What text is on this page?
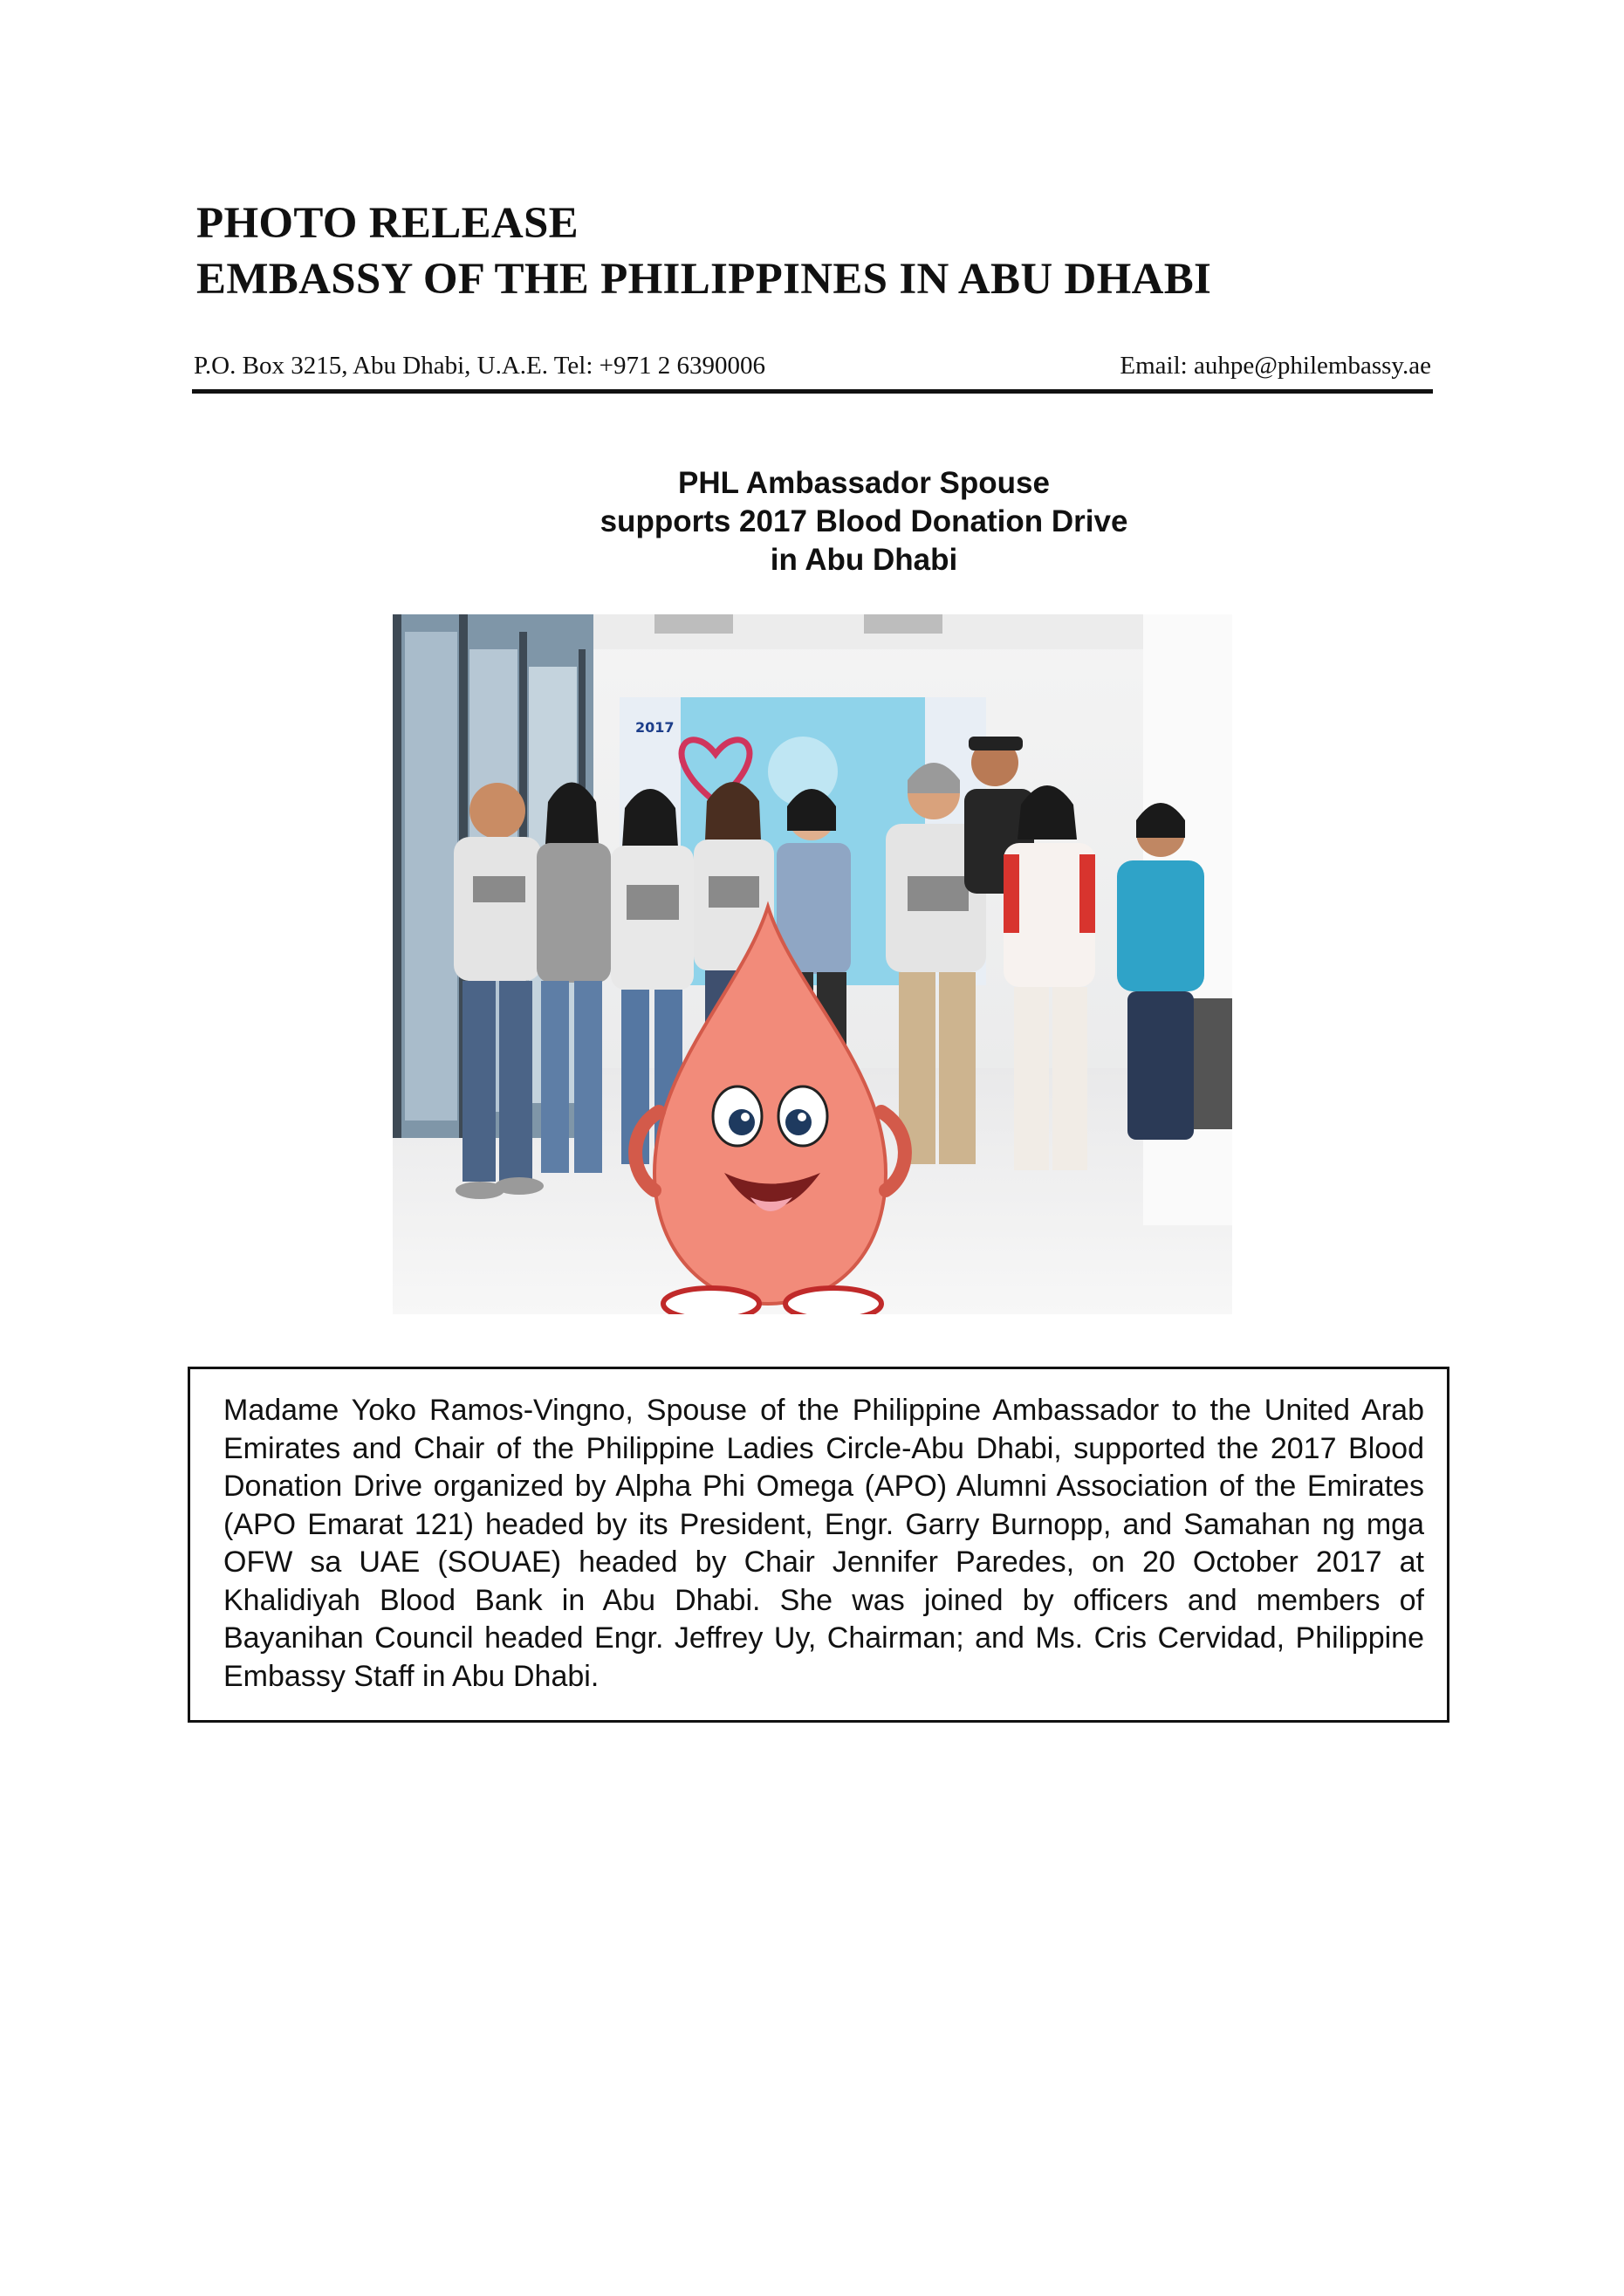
PHOTO RELEASE
EMBASSY OF THE PHILIPPINES IN ABU DHABI
P.O. Box 3215, Abu Dhabi, U.A.E. Tel: +971 2 6390006	Email: auhpe@philembassy.ae
PHL Ambassador Spouse
supports 2017 Blood Donation Drive
in Abu Dhabi
2017

Madame Yoko Ramos-Vingno, Spouse of the Philippine Ambassador to the United Arab Emirates and Chair of the Philippine Ladies Circle-Abu Dhabi, supported the 2017 Blood Donation Drive organized by Alpha Phi Omega (APO) Alumni Association of the Emirates (APO Emarat 121) headed by its President, Engr. Garry Burnopp, and Samahan ng mga OFW sa UAE (SOUAE) headed by Chair Jennifer Paredes, on 20 October 2017 at Khalidiyah Blood Bank in Abu Dhabi. She was joined by officers and members of Bayanihan Council headed Engr. Jeffrey Uy, Chairman; and Ms. Cris Cervidad, Philippine Embassy Staff in Abu Dhabi.
